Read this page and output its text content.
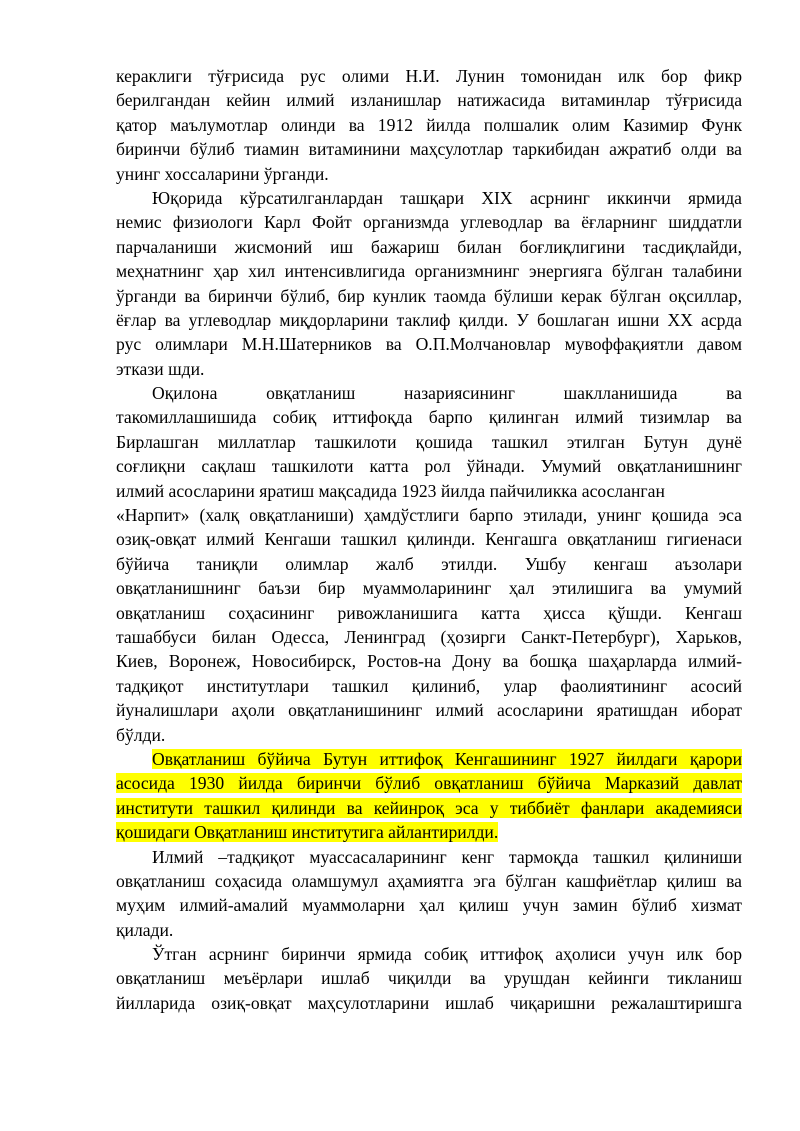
кераклиги тўғрисида рус олими Н.И. Лунин томонидан илк бор фикр
берилгандан кейин илмий изланишлар натижасида витаминлар тўғрисида
қатор маълумотлар олинди ва 1912 йилда полшалик олим Казимир Функ
биринчи бўлиб тиамин витаминини маҳсулотлар таркибидан ажратиб олди ва
унинг хоссаларини ўрганди.
Юқорида кўрсатилганлардан ташқари XIX асрнинг иккинчи ярмида
немис физиологи Карл Фойт организмда углеводлар ва ёғларнинг шиддатли
парчаланиши жисмоний иш бажариш билан боғлиқлигини тасдиқлайди,
меҳнатнинг ҳар хил интенсивлигида организмнинг энергияга бўлган талабини
ўрганди ва биринчи бўлиб, бир кунлик таомда бўлиши керак бўлган оқсиллар,
ёғлар ва углеводлар миқдорларини таклиф қилди. У бошлаган ишни XX асрда
рус олимлари М.Н.Шатерников ва О.П.Молчановлар мувоффақиятли давом
эткази шди.
Оқилона овқатланиш назариясининг шаклланишида ва
такомиллашишида собиқ иттифоқда барпо қилинган илмий тизимлар ва
Бирлашган миллатлар ташкилоти қошида ташкил этилган Бутун дунё
соғлиқни сақлаш ташкилоти катта рол ўйнади. Умумий овқатланишнинг
илмий асосларини яратиш мақсадида 1923 йилда пайчиликка асосланган
«Нарпит» (халқ овқатланиши) ҳамдўстлиги барпо этилади, унинг қошида эса
озиқ-овқат илмий Кенгаши ташкил қилинди. Кенгашга овқатланиш гигиенаси
бўйича таниқли олимлар жалб этилди. Ушбу кенгаш аъзолари
овқатланишнинг баъзи бир муаммоларининг ҳал этилишига ва умумий
овқатланиш соҳасининг ривожланишига катта ҳисса қўшди. Кенгаш
ташаббуси билан Одесса, Ленинград (ҳозирги Санкт-Петербург), Харьков,
Киев, Воронеж, Новосибирск, Ростов-на Дону ва бошқа шаҳарларда илмий-
тадқиқот институтлари ташкил қилиниб, улар фаолиятининг асосий
йуналишлари аҳоли овқатланишининг илмий асосларини яратишдан иборат
бўлди.
Овқатланиш бўйича Бутун иттифоқ Кенгашининг 1927 йилдаги қарори
асосида 1930 йилда биринчи бўлиб овқатланиш бўйича Марказий давлат
институти ташкил қилинди ва кейинроқ эса у тиббиёт фанлари академияси
қошидаги Овқатланиш институтига айлантирилди.
Илмий –тадқиқот муассасаларининг кенг тармоқда ташкил қилиниши
овқатланиш соҳасида оламшумул аҳамиятга эга бўлган кашфиётлар қилиш ва
муҳим илмий-амалий муаммоларни ҳал қилиш учун замин бўлиб хизмат
қилади.
Ўтган асрнинг биринчи ярмида собиқ иттифоқ аҳолиси учун илк бор
овқатланиш меъёрлари ишлаб чиқилди ва урушдан кейинги тикланиш
йилларида озиқ-овқат маҳсулотларини ишлаб чиқаришни режалаштиришга
